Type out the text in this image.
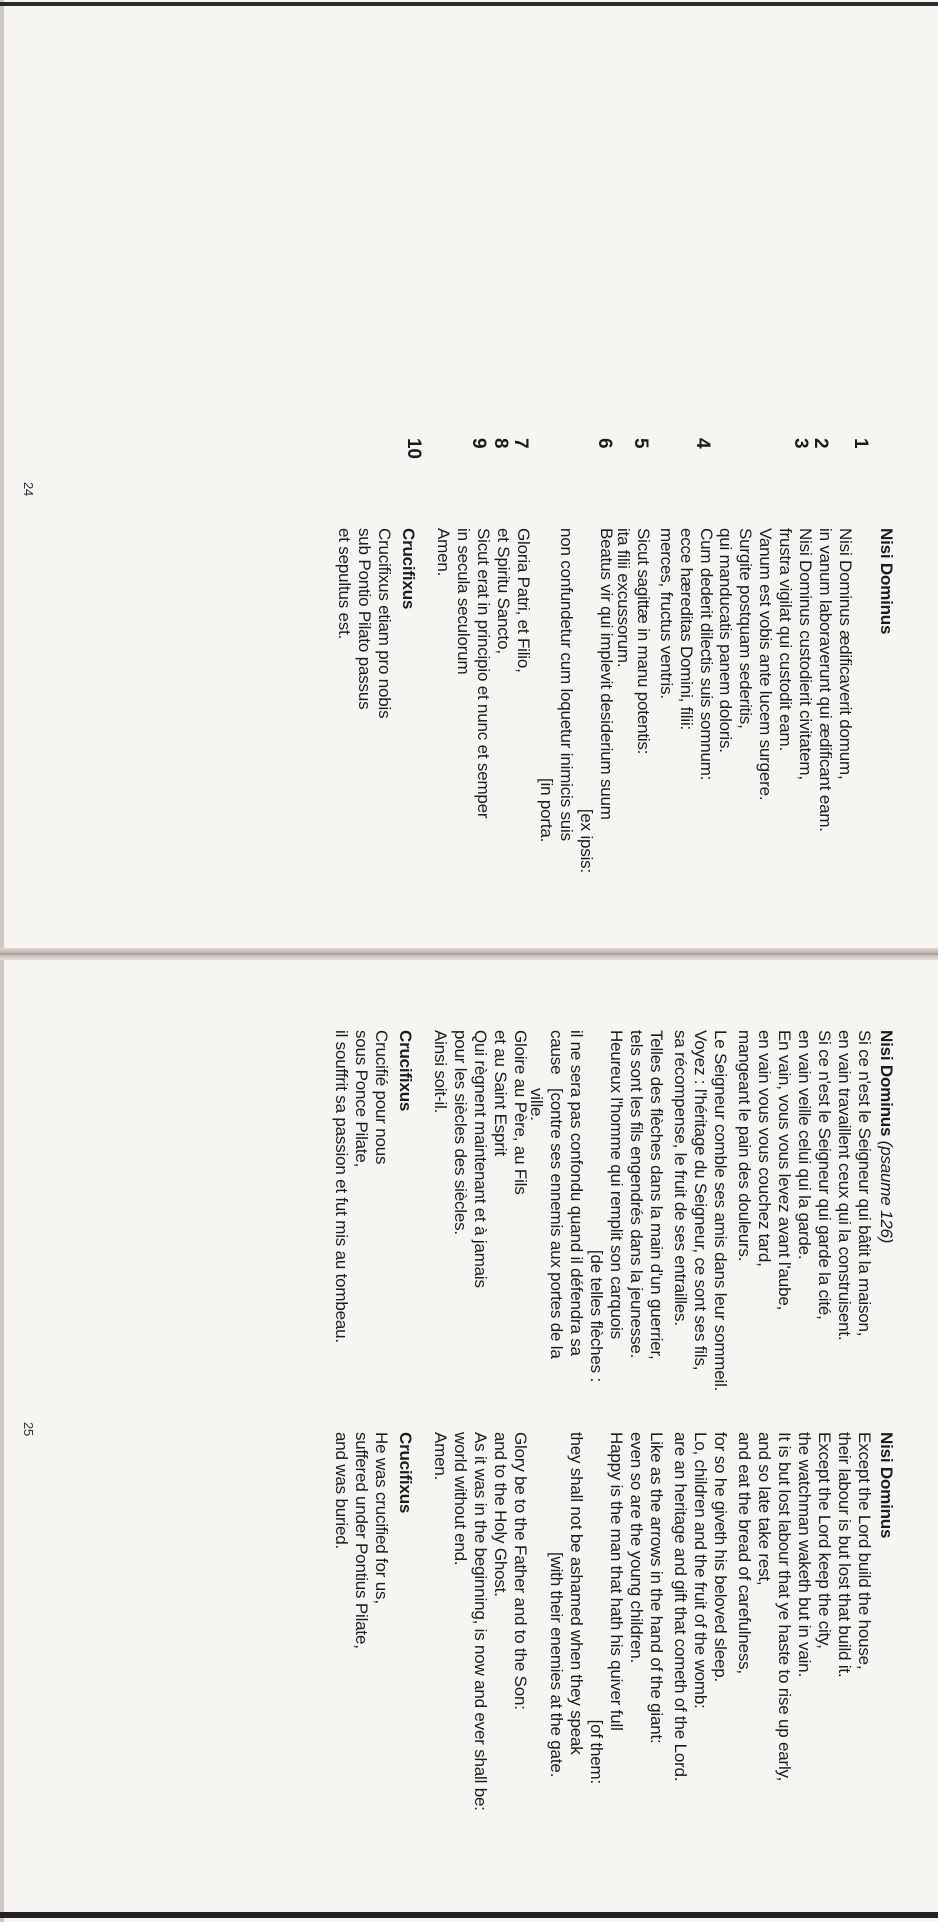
Nisi Dominus
1
Nisi Dominus ædificaverit domum,
in vanum laboraverunt qui ædificant eam.
2
3
Nisi Dominus custodierit civitatem,
frustra vigilat qui custodit eam.
Vanum est vobis ante lucem surgere.
Surgite postquam sederitis,
qui manducatis panem doloris.
4
Cum dederit dilectis suis somnum:
ecce hæreditas Domini, filii:
merces, fructus ventris.
5
Sicut sagittæ in manu potentis:
ita filii excussorum.
6
Beatus vir qui implevit desiderium suum
[ex ipsis:
non confundetur cum loquetur inimicis suis
[in porta.
7
8
9
Gloria Patri, et Filio,
et Spiritu Sancto,
Sicut erat in principio et nunc et semper
in secula seculorum
Amen.
Crucifixus
10
Crucifixus etiam pro nobis
sub Pontio Pilato passus
et sepultus est.
24
Nisi Dominus (psaume 126)
Si ce n'est le Seigneur qui bâtit la maison,
en vain travaillent ceux qui la construisent.
Si ce n'est le Seigneur qui garde la cité,
en vain veille celui qui la garde.
En vain, vous vous levez avant l'aube,
en vain vous vous couchez tard,
mangeant le pain des douleurs.
Le Seigneur comble ses amis dans leur sommeil.
Voyez : l'héritage du Seigneur, ce sont ses fils,
sa récompense, le fruit de ses entrailles.
Telles des flèches dans la main d'un guerrier,
tels sont les fils engendrés dans la jeunesse.
Heureux l'homme qui remplit son carquois
[de telles flèches :
il ne sera pas confondu quand il défendra sa cause
[contre ses ennemis aux portes de la ville.
Gloire au Père, au Fils
et au Saint Esprit
Qui règnent maintenant et à jamais
pour les siècles des siècles.
Ainsi soit-il.
Crucifixus
Crucifié pour nous
sous Ponce Pilate,
il souffrit sa passion et fut mis au tombeau.
Nisi Dominus
Except the Lord build the house,
their labour is but lost that build it.
Except the Lord keep the city,
the watchman waketh but in vain.
It is but lost labour that ye haste to rise up early,
and so late take rest,
and eat the bread of carefulness,
for so he giveth his beloved sleep.
Lo, children and the fruit of the womb:
are an heritage and gift that cometh of the Lord.
Like as the arrows in the hand of the giant:
even so are the young children.
Happy is the man that hath his quiver full
[of them:
they shall not be ashamed when they speak
[with their enemies at the gate.
Glory be to the Father and to the Son:
and to the Holy Ghost.
As it was in the beginning, is now and ever shall be:
world without end.
Amen.
Crucifixus
He was crucified for us,
suffered under Pontius Pilate,
and was buried.
25
